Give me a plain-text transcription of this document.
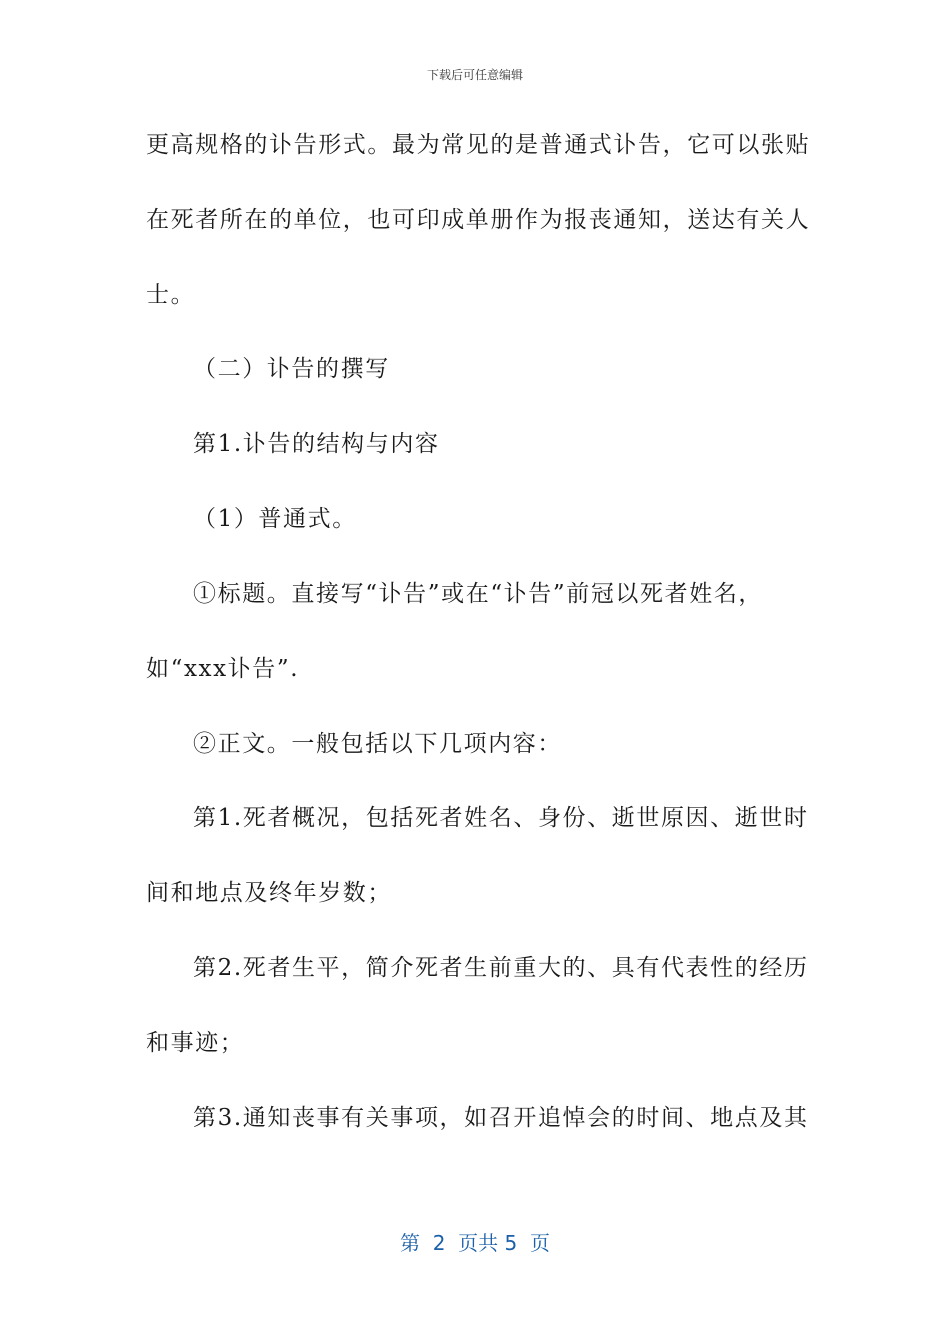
下载后可任意编辑
更高规格的讣告形式。最为常见的是普通式讣告，它可以张贴
在死者所在的单位，也可印成单册作为报丧通知，送达有关人
士。
（二）讣告的撰写
第1.讣告的结构与内容
（1）普通式。
①标题。直接写“讣告”或在“讣告”前冠以死者姓名，
如“xxx讣告”.
②正文。一般包括以下几项内容：
第1.死者概况，包括死者姓名、身份、逝世原因、逝世时
间和地点及终年岁数；
第2.死者生平，简介死者生前重大的、具有代表性的经历
和事迹；
第3.通知丧事有关事项，如召开追悼会的时间、地点及其
第  2  页共 5  页
